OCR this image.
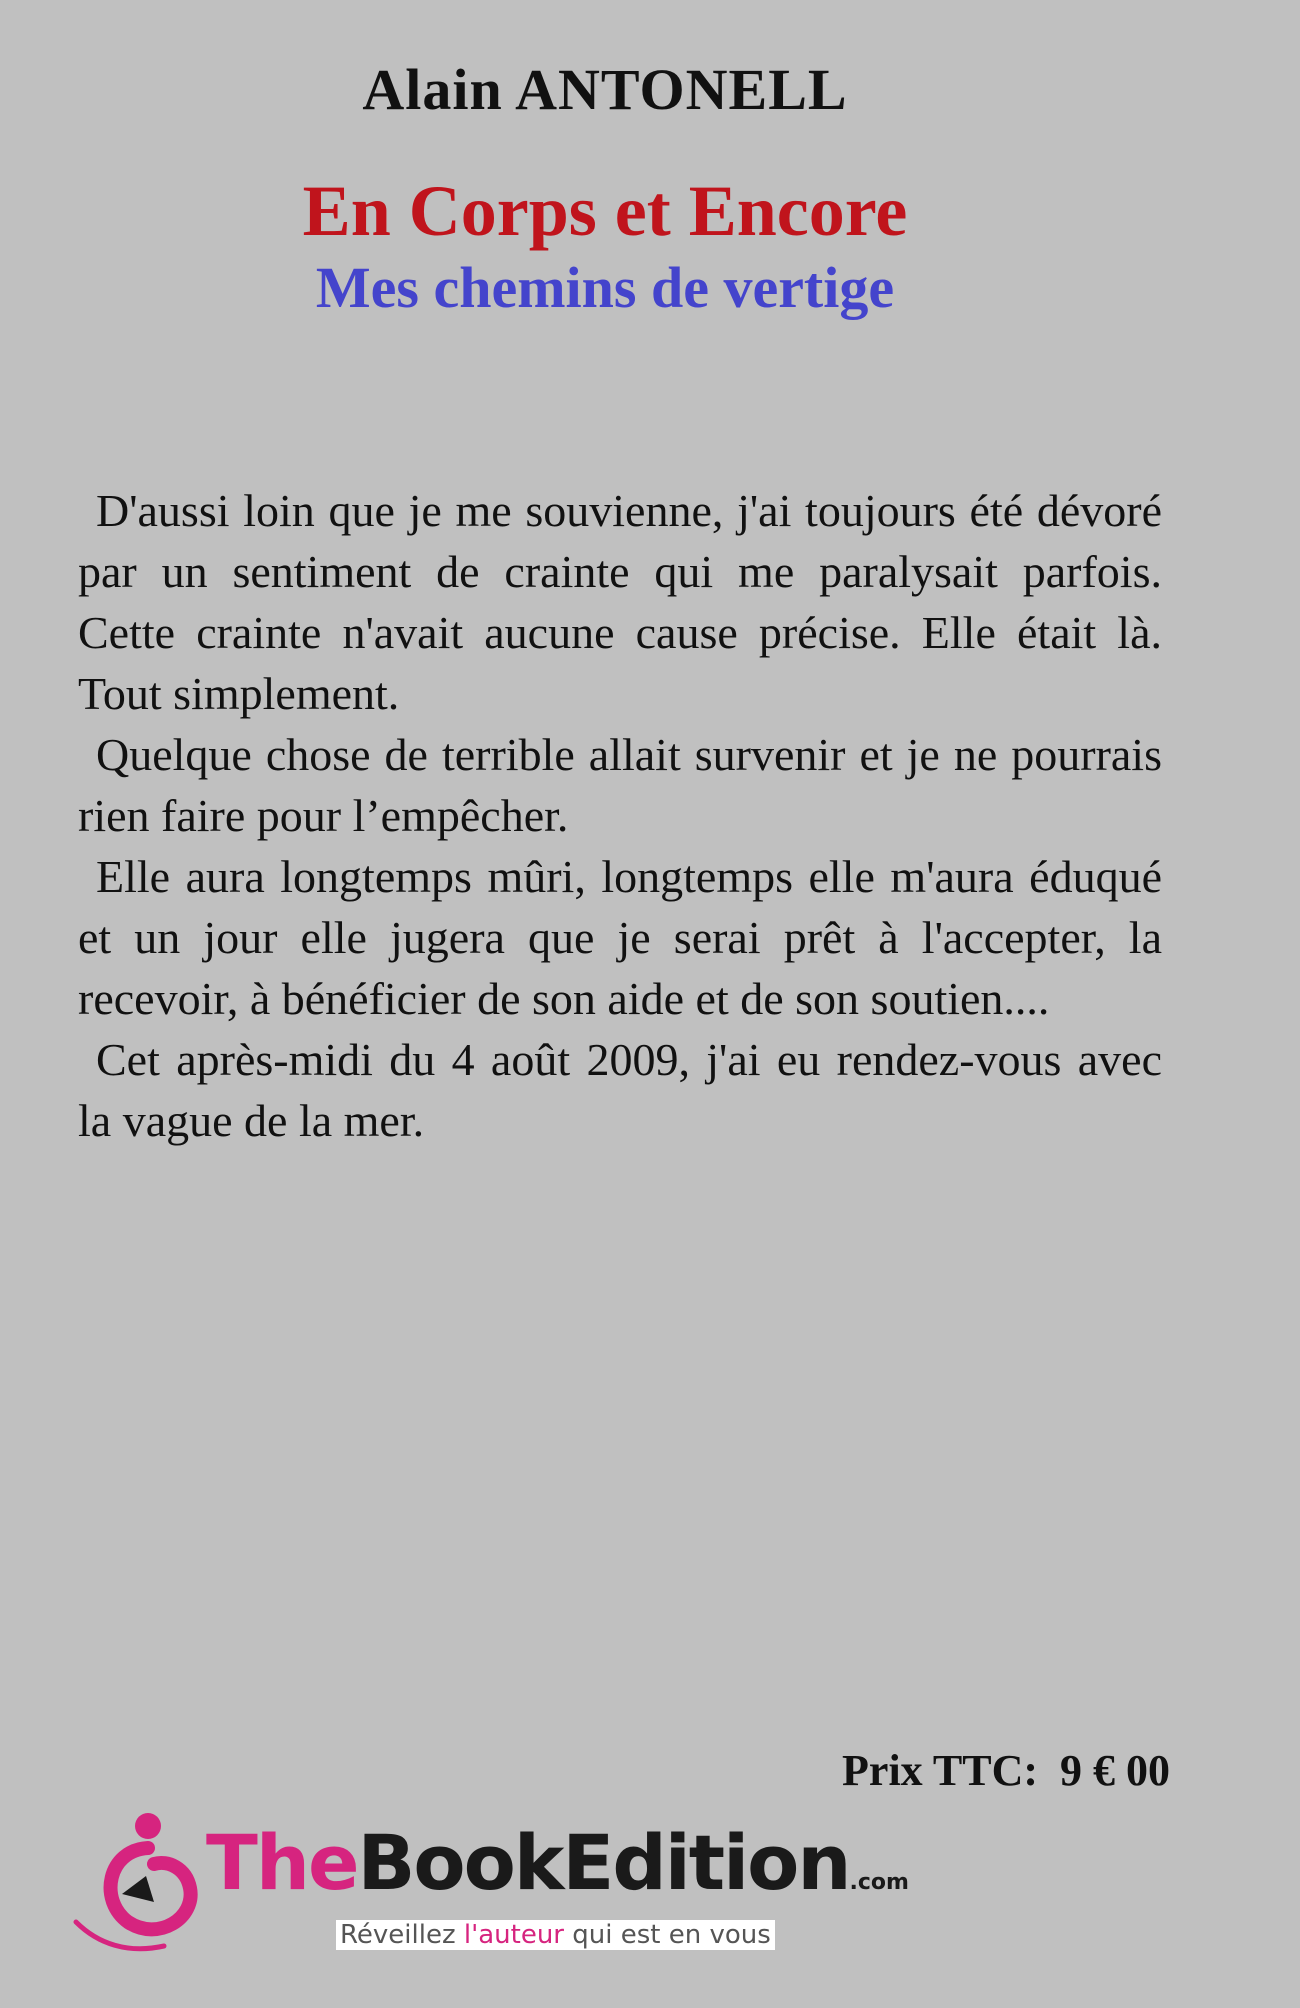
Alain ANTONELL
En Corps et Encore
Mes chemins de vertige

D'aussi loin que je me souvienne, j'ai toujours été dévoré par un sentiment de crainte qui me paralysait parfois. Cette crainte n'avait aucune cause précise. Elle était là. Tout simplement.

Quelque chose de terrible allait survenir et je ne pourrais rien faire pour l’empêcher.

Elle aura longtemps mûri, longtemps elle m'aura éduqué et un jour elle jugera que je serai prêt à l'accepter, la recevoir, à bénéficier de son aide et de son soutien....

Cet après-midi du 4 août 2009, j'ai eu rendez-vous avec la vague de la mer.

Prix TTC:  9 € 00
TheBookEdition.com
Réveillez l'auteur qui est en vous
